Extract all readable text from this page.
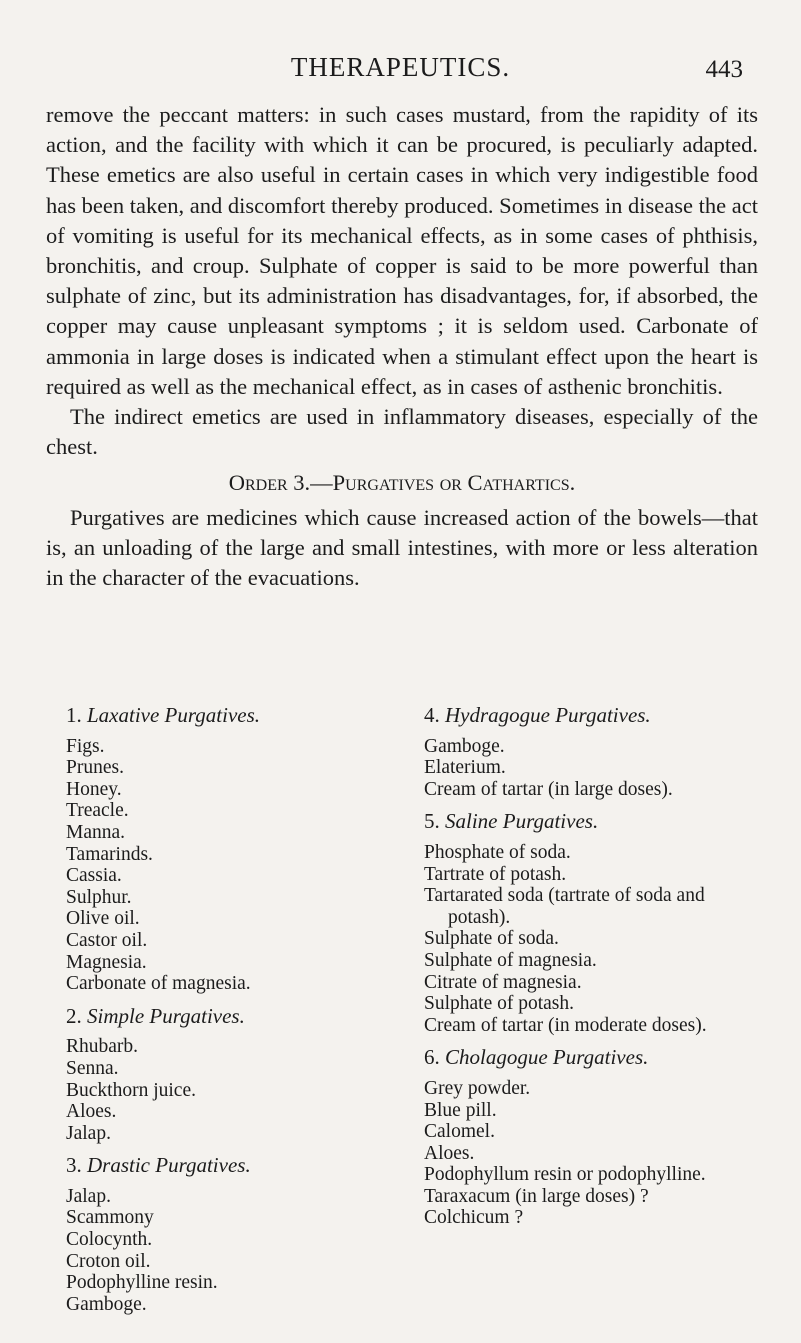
THERAPEUTICS.	443

remove the peccant matters: in such cases mustard, from the rapidity of its action, and the facility with which it can be procured, is peculiarly adapted. These emetics are also useful in certain cases in which very indigestible food has been taken, and discomfort thereby produced. Sometimes in disease the act of vomiting is useful for its mechanical effects, as in some cases of phthisis, bronchitis, and croup. Sulphate of copper is said to be more powerful than sulphate of zinc, but its administration has disadvantages, for, if absorbed, the copper may cause unpleasant symptoms ; it is seldom used. Carbonate of ammonia in large doses is indicated when a stimulant effect upon the heart is required as well as the mechanical effect, as in cases of asthenic bronchitis.

The indirect emetics are used in inflammatory diseases, especially of the chest.

Order 3.—Purgatives or Cathartics.

Purgatives are medicines which cause increased action of the bowels—that is, an unloading of the large and small intestines, with more or less alteration in the character of the evacuations.

1. Laxative Purgatives.
Figs.
Prunes.
Honey.
Treacle.
Manna.
Tamarinds.
Cassia.
Sulphur.
Olive oil.
Castor oil.
Magnesia.
Carbonate of magnesia.
2. Simple Purgatives.
Rhubarb.
Senna.
Buckthorn juice.
Aloes.
Jalap.
3. Drastic Purgatives.
Jalap.
Scammony
Colocynth.
Croton oil.
Podophylline resin.
Gamboge.
4. Hydragogue Purgatives.
Gamboge.
Elaterium.
Cream of tartar (in large doses).
5. Saline Purgatives.
Phosphate of soda.
Tartrate of potash.
Tartarated soda (tartrate of soda and potash).
Sulphate of soda.
Sulphate of magnesia.
Citrate of magnesia.
Sulphate of potash.
Cream of tartar (in moderate doses).
6. Cholagogue Purgatives.
Grey powder.
Blue pill.
Calomel.
Aloes.
Podophyllum resin or podophylline.
Taraxacum (in large doses) ?
Colchicum ?
